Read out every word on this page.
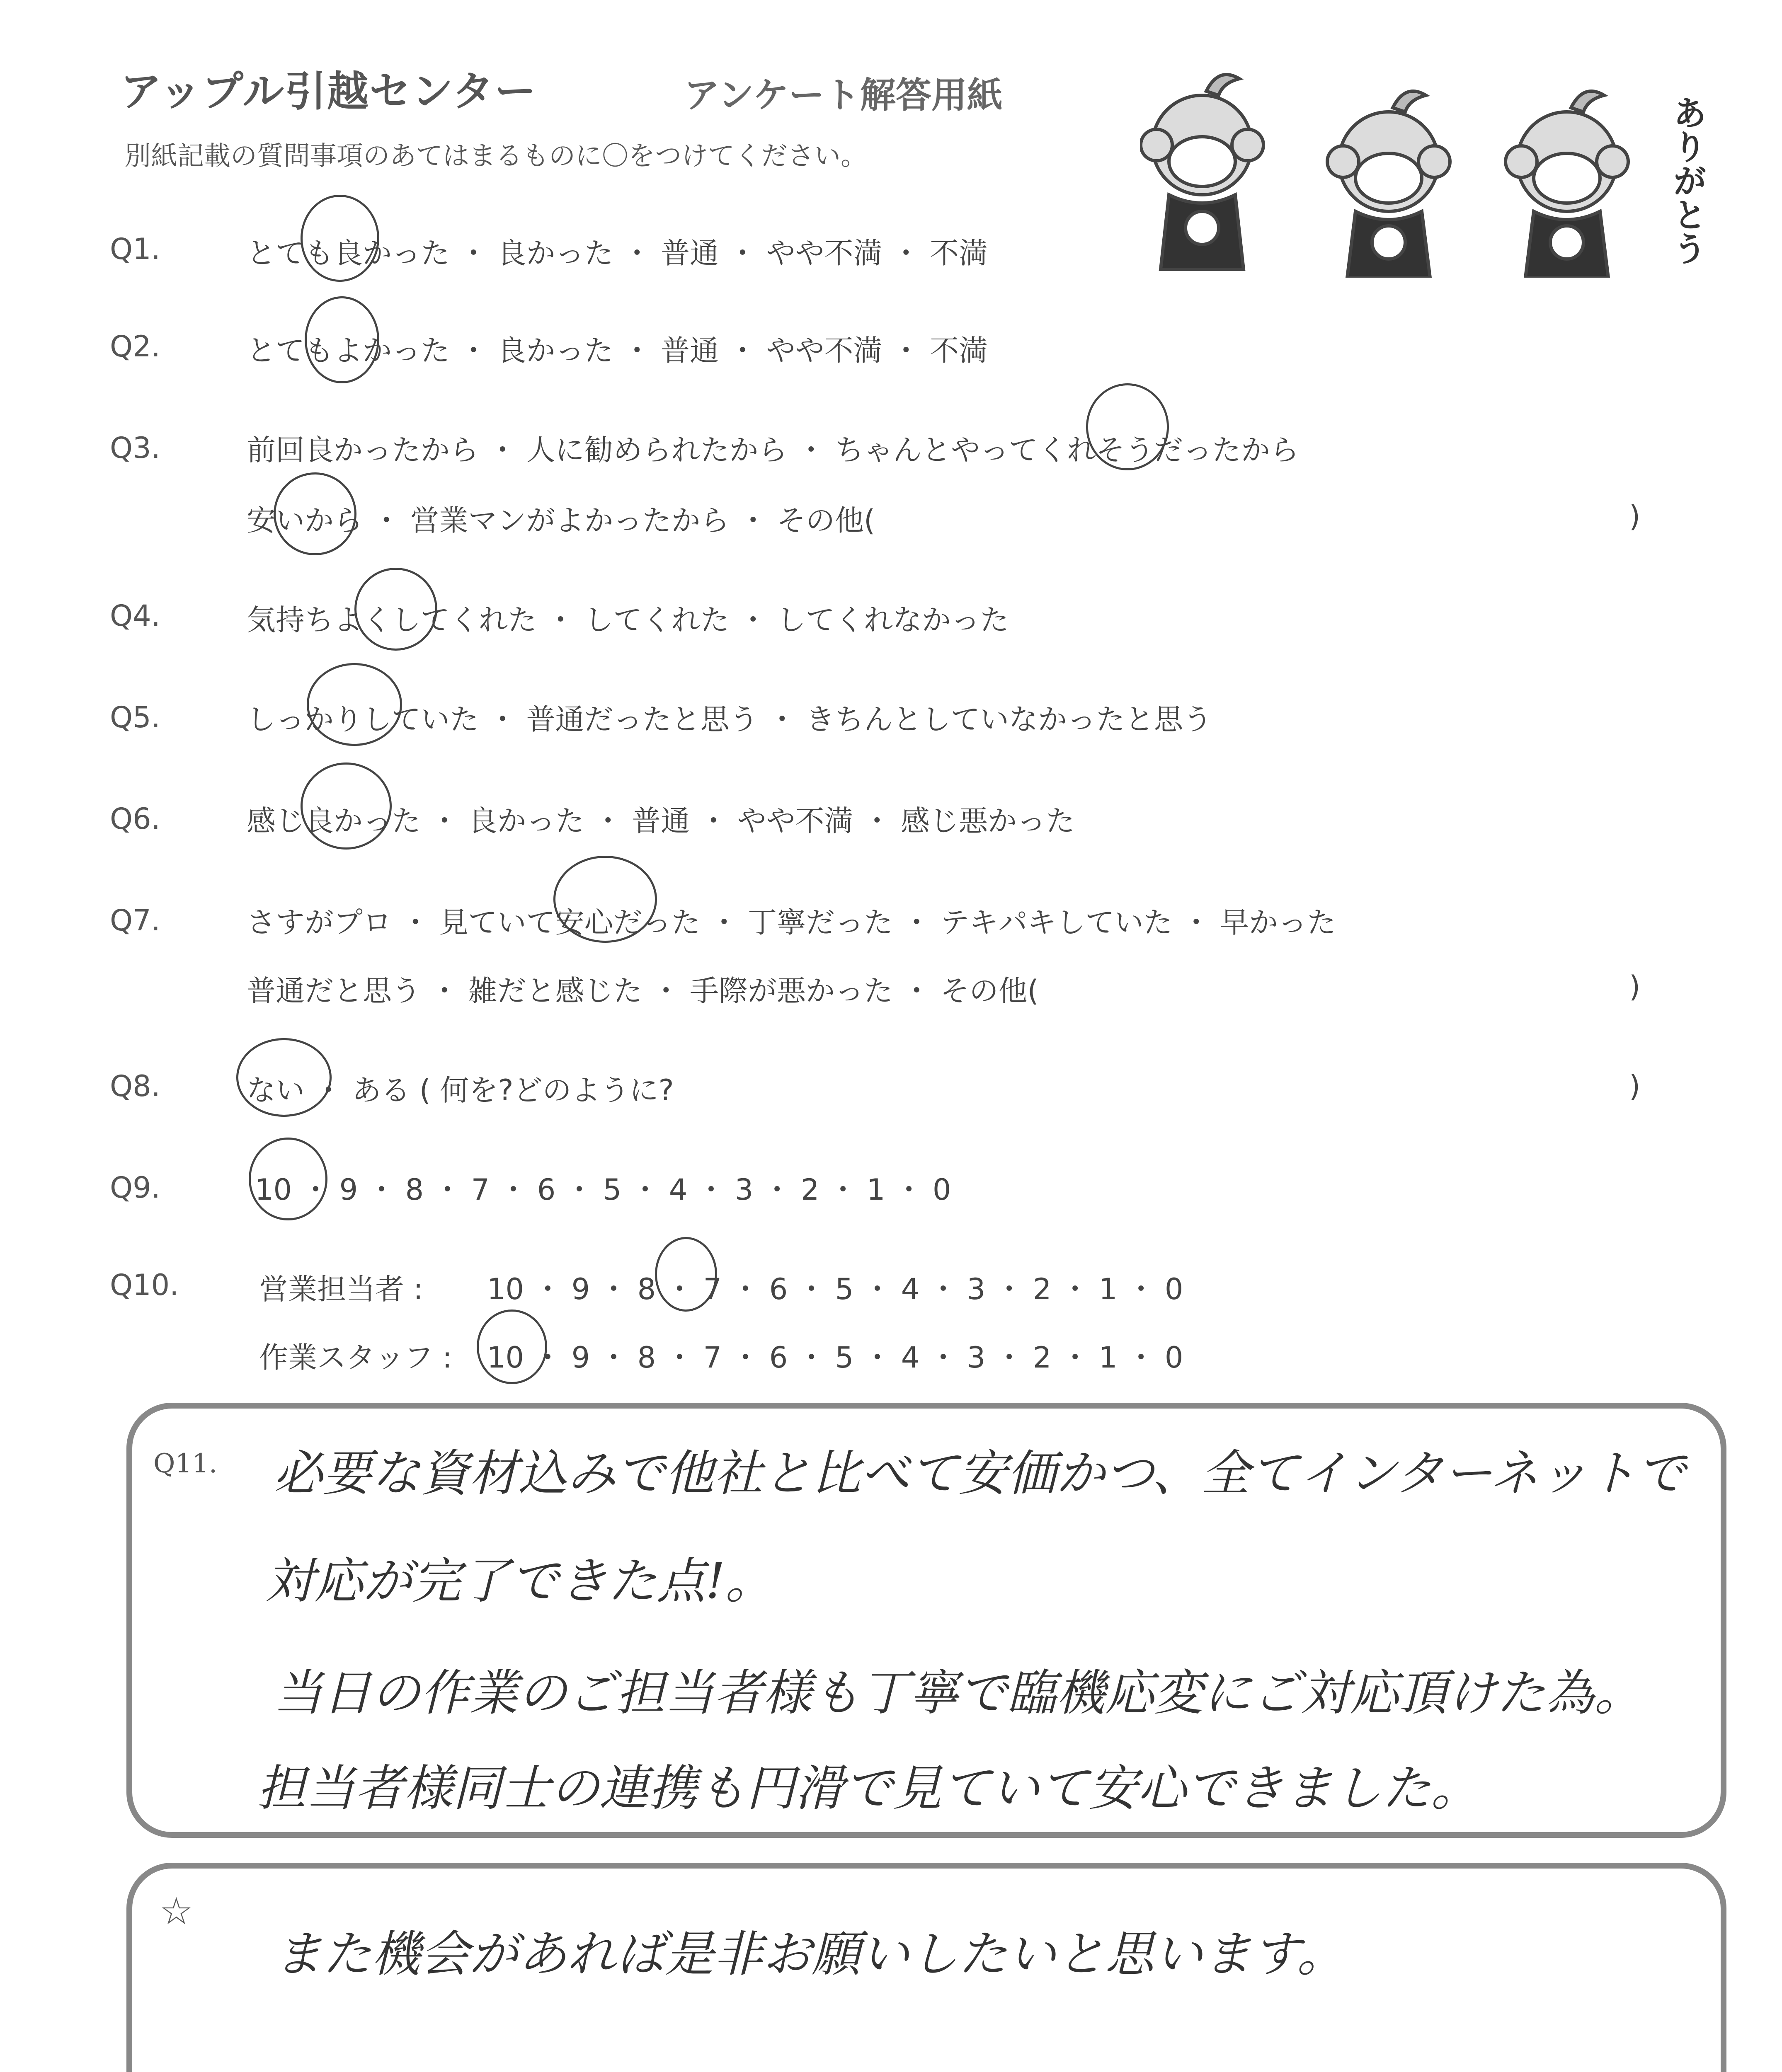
アップル引越センター	アンケート解答用紙
別紙記載の質問事項のあてはまるものに〇をつけてください。	ありがとう
Q1.	とても良かった ・ 良かった ・ 普通 ・ やや不満 ・ 不満
Q2.	とてもよかった ・ 良かった ・ 普通 ・ やや不満 ・ 不満
Q3.	前回良かったから ・ 人に勧められたから ・ ちゃんとやってくれそうだったから
安いから ・ 営業マンがよかったから ・ その他(	)
Q4.	気持ちよくしてくれた ・ してくれた ・ してくれなかった
Q5.	しっかりしていた ・ 普通だったと思う ・ きちんとしていなかったと思う
Q6.	感じ良かった ・ 良かった ・ 普通 ・ やや不満 ・ 感じ悪かった
Q7.	さすがプロ ・ 見ていて安心だった ・ 丁寧だった ・ テキパキしていた ・ 早かった
普通だと思う ・ 雑だと感じた ・ 手際が悪かった ・ その他(	)
Q8.	ない ・ ある ( 何を?どのように?	)
Q9.	10 ・ 9 ・ 8 ・ 7 ・ 6 ・ 5 ・ 4 ・ 3 ・ 2 ・ 1 ・ 0
Q10.	営業担当者 : 10 ・ 9 ・ 8 ・ 7 ・ 6 ・ 5 ・ 4 ・ 3 ・ 2 ・ 1 ・ 0
作業スタッフ : 10 ・ 9 ・ 8 ・ 7 ・ 6 ・ 5 ・ 4 ・ 3 ・ 2 ・ 1 ・ 0
Q11. 必要な資材込みで他社と比べて安価かつ、全てインターネットで
対応が完了できた点!。
当日の作業のご担当者様も丁寧で臨機応変にご対応頂けた為。
担当者様同士の連携も円滑で見ていて安心できました。
☆
また機会があれば是非お願いしたいと思います。
